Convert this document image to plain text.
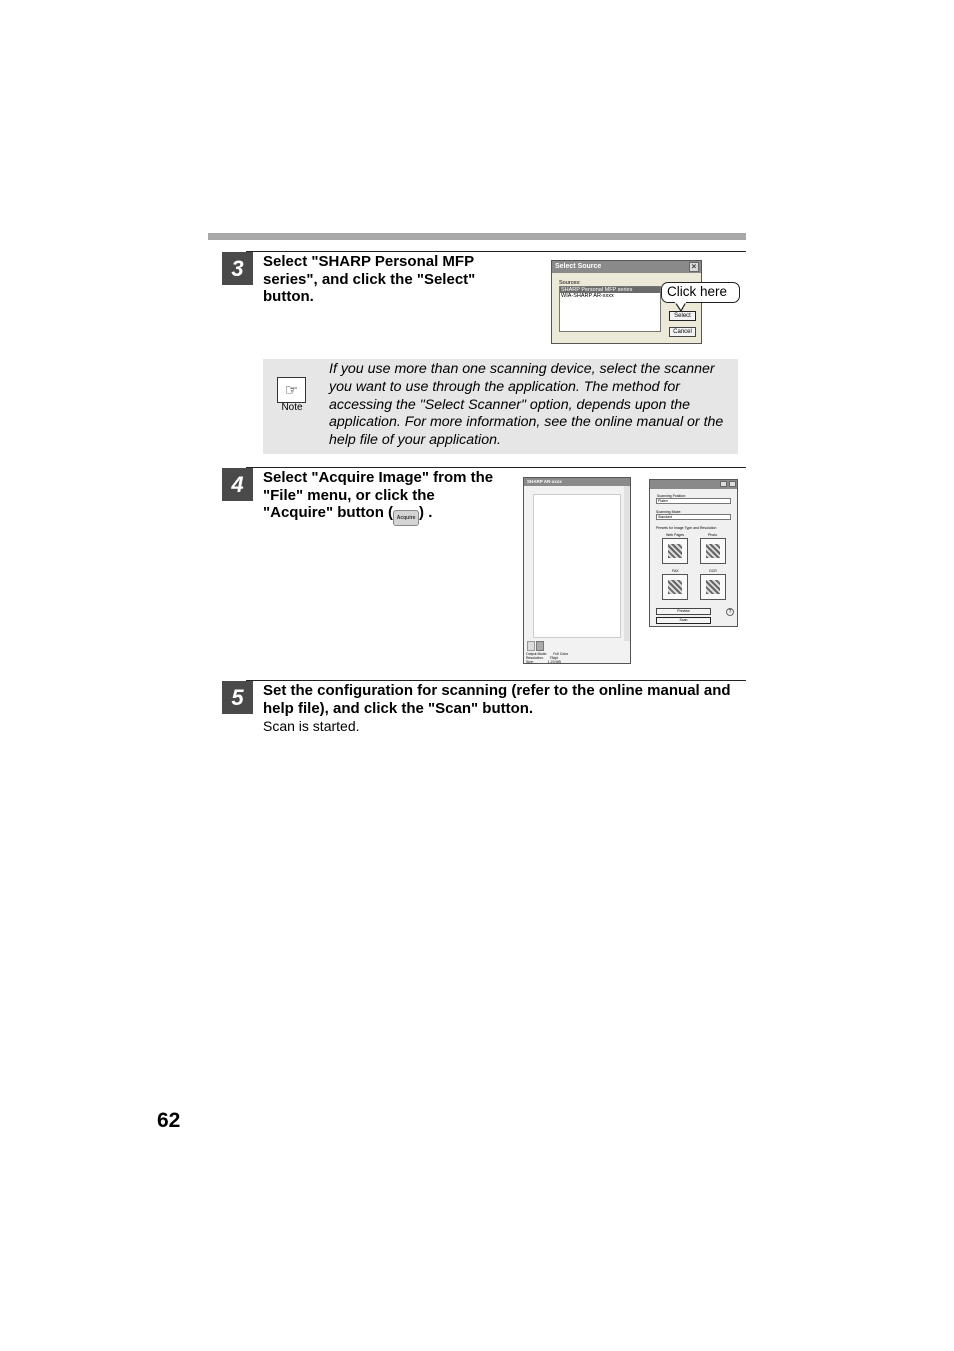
3	Select "SHARP Personal MFP series", and click the "Select" button.
Select Source	×
Sources:
SHARP Personal MFP series
WIA-SHARP AR-xxxx
Select
Cancel
Click here
☞
Note
If you use more than one scanning device, select the scanner you want to use through the application. The method for accessing the "Select Scanner" option, depends upon the application. For more information, see the online manual or the help file of your application.
4	Select "Acquire Image" from the "File" menu, or click the "Acquire" button ( Acquire ) .
SHARP AR-xxxx
Output Mode: Full Color
Resolution: 75dpi
Size:	1.23 MB
Scanning Position:
Platen
Scanning Mode:
Standard
Presets for Image Type and Resolution
Web Pages	Photo
FAX	OCR
Preview	?
Scan
5	Set the configuration for scanning (refer to the online manual and help file), and click the "Scan" button.
Scan is started.
62
